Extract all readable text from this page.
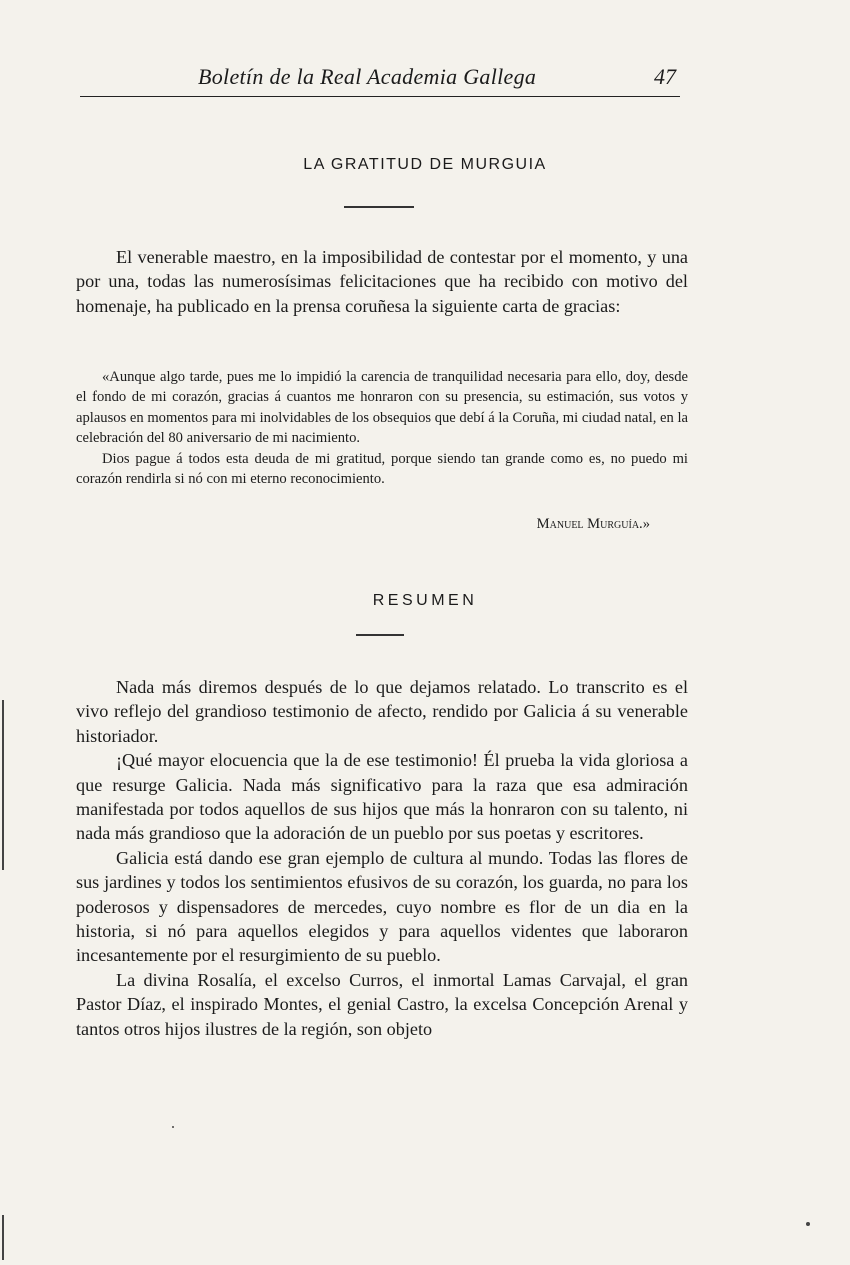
Boletín de la Real Academia Gallega	47
LA GRATITUD DE MURGUIA

El venerable maestro, en la imposibilidad de contestar por el momento, y una por una, todas las numerosísimas felicitaciones que ha recibido con motivo del homenaje, ha publicado en la prensa coruñesa la siguiente carta de gracias:

«Aunque algo tarde, pues me lo impidió la carencia de tranquilidad necesaria para ello, doy, desde el fondo de mi corazón, gracias á cuantos me honraron con su presencia, su estimación, sus votos y aplausos en momentos para mi inolvidables de los obsequios que debí á la Coruña, mi ciudad natal, en la celebración del 80 aniversario de mi nacimiento.

Dios pague á todos esta deuda de mi gratitud, porque siendo tan grande como es, no puedo mi corazón rendirla si nó con mi eterno reconocimiento.

Manuel Murguía.»
RESUMEN

Nada más diremos después de lo que dejamos relatado. Lo transcrito es el vivo reflejo del grandioso testimonio de afecto, rendido por Galicia á su venerable historiador.

¡Qué mayor elocuencia que la de ese testimonio! Él prueba la vida gloriosa a que resurge Galicia. Nada más significativo para la raza que esa admiración manifestada por todos aquellos de sus hijos que más la honraron con su talento, ni nada más grandioso que la adoración de un pueblo por sus poetas y escritores.

Galicia está dando ese gran ejemplo de cultura al mundo. Todas las flores de sus jardines y todos los sentimientos efusivos de su corazón, los guarda, no para los poderosos y dispensadores de mercedes, cuyo nombre es flor de un dia en la historia, si nó para aquellos elegidos y para aquellos videntes que laboraron incesantemente por el resurgimiento de su pueblo.

La divina Rosalía, el excelso Curros, el inmortal Lamas Carvajal, el gran Pastor Díaz, el inspirado Montes, el genial Castro, la excelsa Concepción Arenal y tantos otros hijos ilustres de la región, son objeto
